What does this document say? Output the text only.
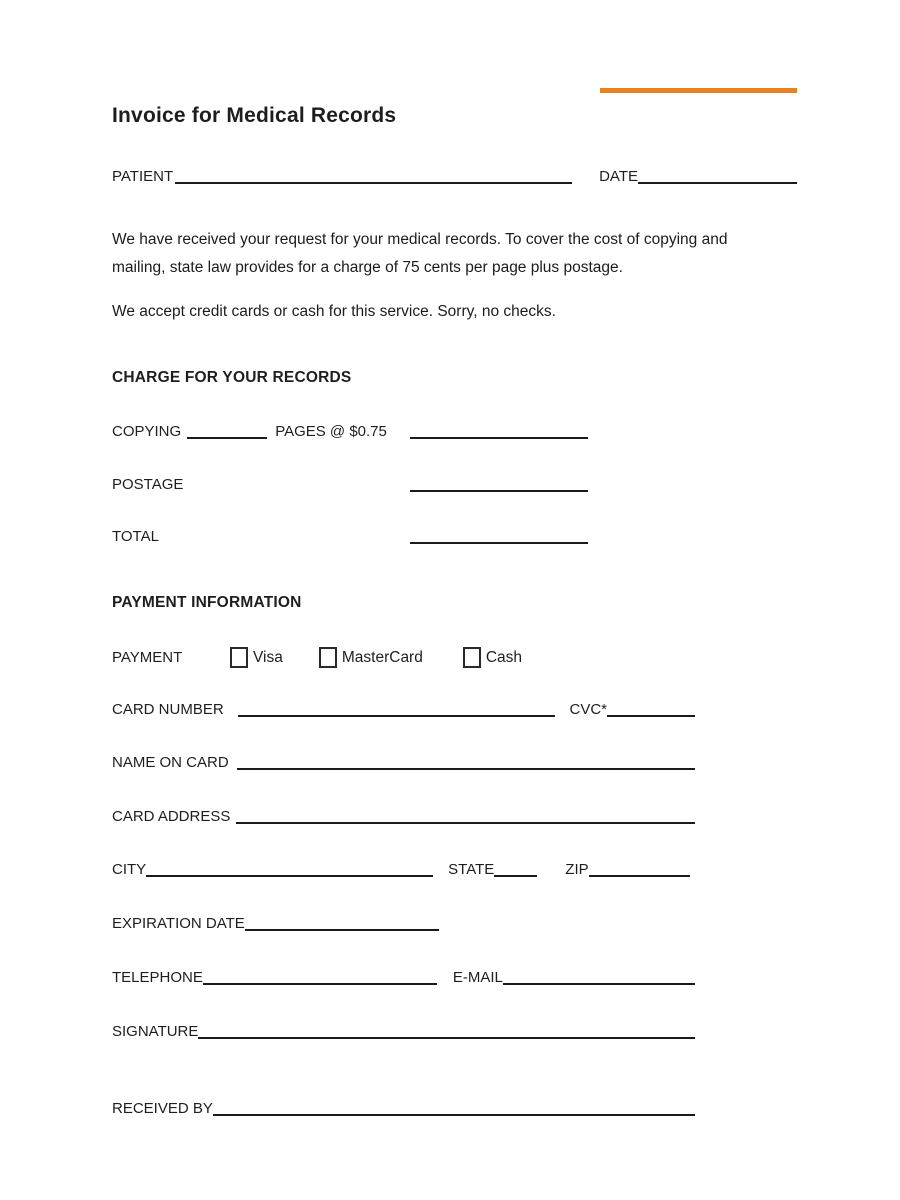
Invoice for Medical Records
PATIENT	DATE
We have received your request for your medical records. To cover the cost of copying and mailing, state law provides for a charge of 75 cents per page plus postage.
We accept credit cards or cash for this service. Sorry, no checks.
CHARGE FOR YOUR RECORDS
COPYING	PAGES @ $0.75
POSTAGE
TOTAL
PAYMENT INFORMATION
PAYMENT	Visa	MasterCard	Cash
CARD NUMBER	CVC*
NAME ON CARD
CARD ADDRESS
CITY	STATE	ZIP
EXPIRATION DATE
TELEPHONE	E-MAIL
SIGNATURE
RECEIVED BY
